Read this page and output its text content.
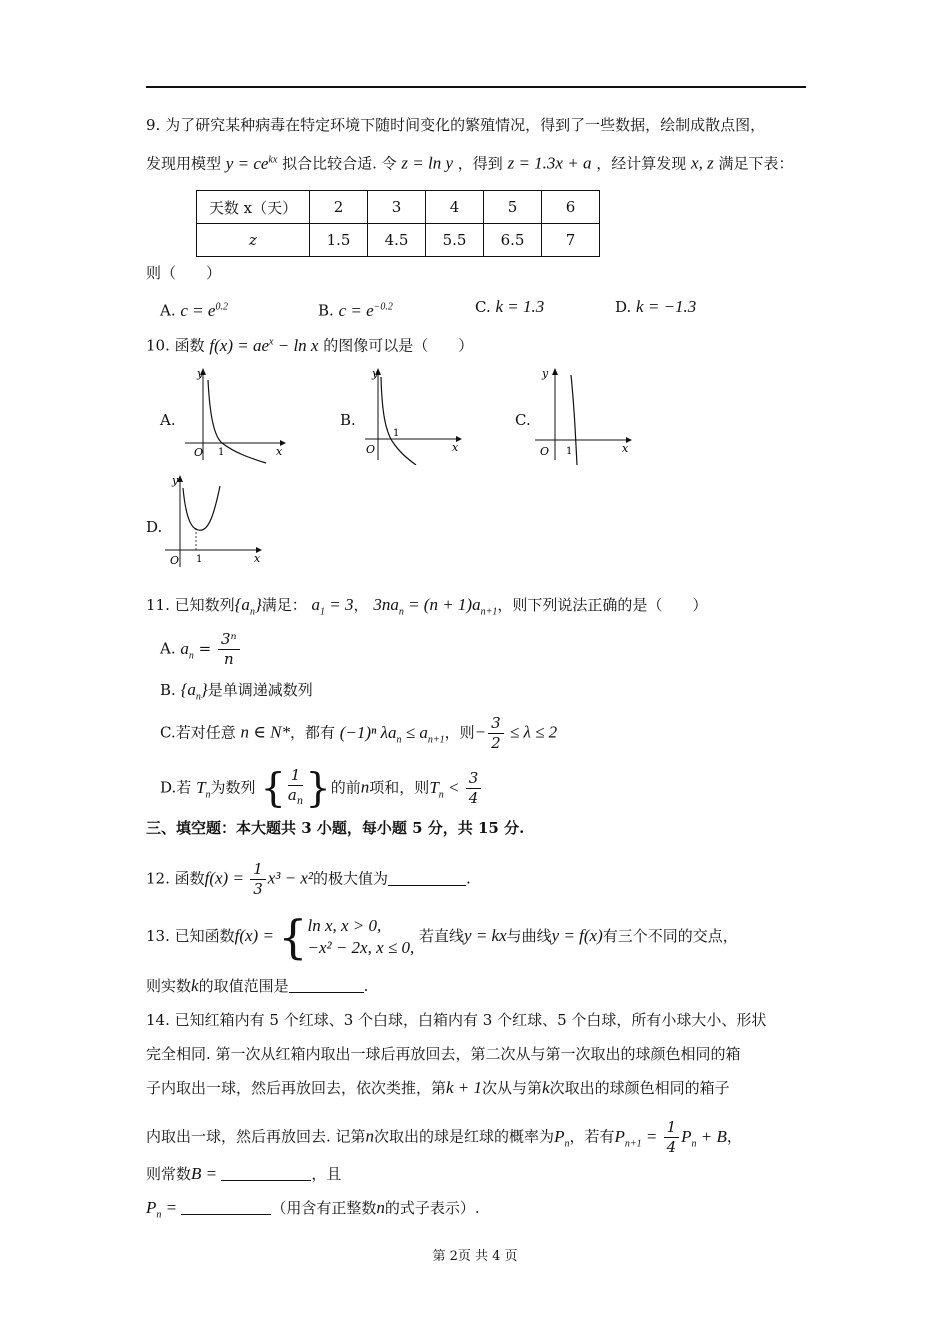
9. 为了研究某种病毒在特定环境下随时间变化的繁殖情况，得到了一些数据，绘制成散点图，
发现用模型 $y = ce^{kx}$ 拟合比较合适. 令 z = ln y ，得到 z = 1.3x + a ，经计算发现 x, z 满足下表：
天数 x（天）	2	3	4	5	6
z	1.5	4.5	5.5	6.5	7
则（　　）
A. $c = e^{0.2}$	B. $c = e^{-0.2}$	C. k = 1.3	D. k = −1.3
10. 函数 $f(x) = ae^x - \ln x$ 的图像可以是（　　）
A.
y
x
O 1
B.
y
x
O
1
C.
y
x
O 1
D.
y
x
O 1
11. 已知数列$\{a_n\}$满足： $a_1 = 3$， $3na_n = (n + 1)a_{n+1}$，则下列说法正确的是（　　）
A. $a_n = \frac{\text{3ⁿ}}{n}$
B. $\{a_n\}$是单调递减数列
C.若对任意 n ∈ N*，都有 (−1)ⁿ $\lambda a_n \le a_{n+1}$，则− $\frac{3}{2} \le \lambda \le 2$
D.若 $T_n$为数列 { $\frac{1}{a_n}$ }的前n项和，则$T_n < \frac{3}{4}$
三、填空题：本大题共 3 小题，每小题 5 分，共 15 分.
12. 函数$f(x) = \frac{1}{3} x^3 - x^2$的极大值为	.
13. 已知函数f(x) = { ln x, x > 0,
−x² − 2x, x ≤ 0,
若直线y = kx与曲线y = f(x)有三个不同的交点，
则实数k的取值范围是	.
14. 已知红箱内有 5 个红球、3 个白球，白箱内有 3 个红球、5 个白球，所有小球大小、形状
完全相同. 第一次从红箱内取出一球后再放回去，第二次从与第一次取出的球颜色相同的箱
子内取出一球，然后再放回去，依次类推，第k + 1次从与第k次取出的球颜色相同的箱子
内取出一球，然后再放回去. 记第n次取出的球是红球的概率为$P_n$，若有$P_{n+1} = \frac{1}{4} P_n + B$，
则常数B =	，且
$P_n$ =	（用含有正整数n的式子表示）.
第 2页 共 4 页
